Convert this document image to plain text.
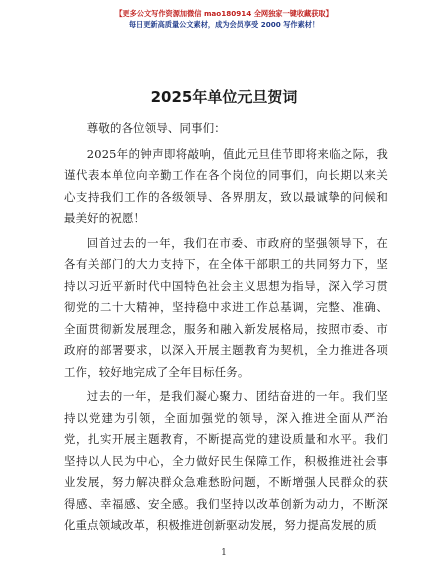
【更多公文写作资源加微信 mao180914 全网独家一键收藏获取】
每日更新高质量公文素材，成为会员享受 2000 写作素材！
2025年单位元旦贺词

尊敬的各位领导、同事们：

2025年的钟声即将敲响，值此元旦佳节即将来临之际，我谨代表本单位向辛勤工作在各个岗位的同事们，向长期以来关心支持我们工作的各级领导、各界朋友，致以最诚挚的问候和最美好的祝愿！

回首过去的一年，我们在市委、市政府的坚强领导下，在各有关部门的大力支持下，在全体干部职工的共同努力下，坚持以习近平新时代中国特色社会主义思想为指导，深入学习贯彻党的二十大精神，坚持稳中求进工作总基调，完整、准确、全面贯彻新发展理念，服务和融入新发展格局，按照市委、市政府的部署要求，以深入开展主题教育为契机，全力推进各项工作，较好地完成了全年目标任务。

过去的一年，是我们凝心聚力、团结奋进的一年。我们坚持以党建为引领，全面加强党的领导，深入推进全面从严治党，扎实开展主题教育，不断提高党的建设质量和水平。我们坚持以人民为中心，全力做好民生保障工作，积极推进社会事业发展，努力解决群众急难愁盼问题，不断增强人民群众的获得感、幸福感、安全感。我们坚持以改革创新为动力，不断深化重点领域改革，积极推进创新驱动发展，努力提高发展的质

1
